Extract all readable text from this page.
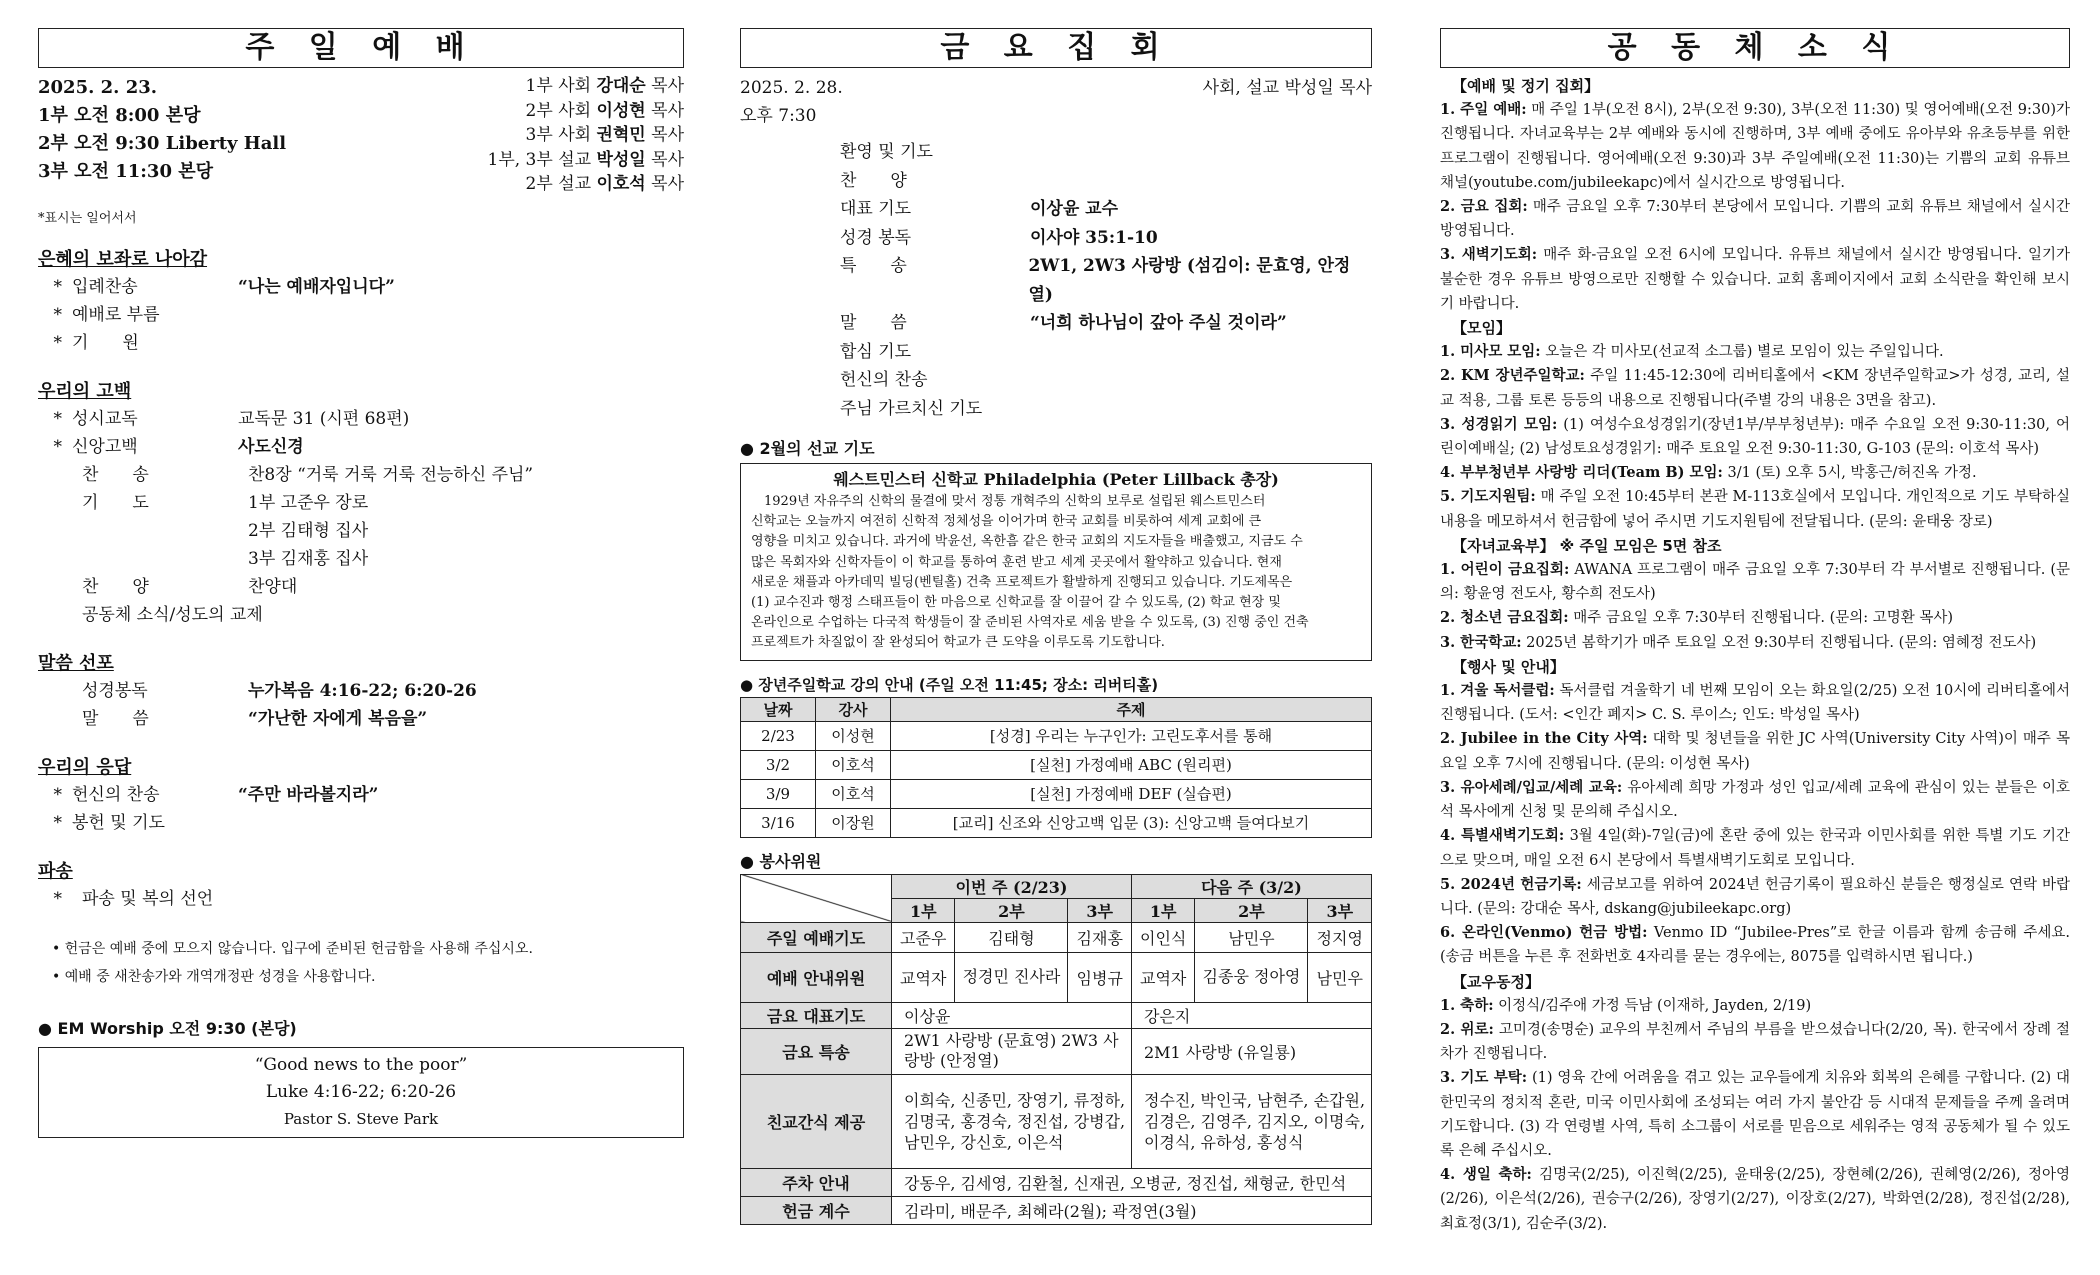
주 일 예 배
2025. 2. 23.
1부 오전 8:00 본당
2부 오전 9:30 Liberty Hall
3부 오전 11:30 본당
1부 사회 강대순 목사
2부 사회 이성현 목사
3부 사회 권혁민 목사
1부, 3부 설교 박성일 목사
2부 설교 이호석 목사
*표시는 일어서서
은혜의 보좌로 나아감
* 입례찬송	“나는 예배자입니다”
* 예배로 부름
* 기　　원
우리의 고백
* 성시교독	교독문 31 (시편 68편)
* 신앙고백	사도신경
찬　　송	찬8장 “거룩 거룩 거룩 전능하신 주님”
기　　도	1부 고준우 장로
2부 김태형 집사
3부 김재홍 집사
찬　　양	찬양대
공동체 소식/성도의 교제
말씀 선포
성경봉독	누가복음 4:16-22; 6:20-26
말　　씀	“가난한 자에게 복음을”
우리의 응답
* 헌신의 찬송	“주만 바라볼지라”
* 봉헌 및 기도
파송
*	파송 및 복의 선언
• 헌금은 예배 중에 모으지 않습니다. 입구에 준비된 헌금함을 사용해 주십시오.
• 예배 중 새찬송가와 개역개정판 성경을 사용합니다.
● EM Worship 오전 9:30 (본당)
“Good news to the poor”
Luke 4:16-22; 6:20-26
Pastor S. Steve Park
금 요 집 회
2025. 2. 28.	사회, 설교 박성일 목사
오후 7:30
환영 및 기도
찬　　양
대표 기도	이상윤 교수
성경 봉독	이사야 35:1-10
특　　송	2W1, 2W3 사랑방 (섬김이: 문효영, 안정열)
말　　씀	“너희 하나님이 갚아 주실 것이라”
합심 기도
헌신의 찬송
주님 가르치신 기도
● 2월의 선교 기도
웨스트민스터 신학교 Philadelphia (Peter Lillback 총장)
　1929년 자유주의 신학의 물결에 맞서 정통 개혁주의 신학의 보루로 설립된 웨스트민스터
신학교는 오늘까지 여전히 신학적 정체성을 이어가며 한국 교회를 비롯하여 세계 교회에 큰
영향을 미치고 있습니다. 과거에 박윤선, 옥한흠 같은 한국 교회의 지도자들을 배출했고, 지금도 수
많은 목회자와 신학자들이 이 학교를 통하여 훈련 받고 세계 곳곳에서 활약하고 있습니다. 현재
새로운 채플과 아카데믹 빌딩(벤틸홀) 건축 프로젝트가 활발하게 진행되고 있습니다. 기도제목은
(1) 교수진과 행정 스태프들이 한 마음으로 신학교를 잘 이끌어 갈 수 있도록, (2) 학교 현장 및
온라인으로 수업하는 다국적 학생들이 잘 준비된 사역자로 세움 받을 수 있도록, (3) 진행 중인 건축
프로젝트가 차질없이 잘 완성되어 학교가 큰 도약을 이루도록 기도합니다.
● 장년주일학교 강의 안내 (주일 오전 11:45; 장소: 리버티홀)
날짜	강사	주제
2/23	이성현	[성경] 우리는 누구인가: 고린도후서를 통해
3/2	이호석	[실천] 가정예배 ABC (원리편)
3/9	이호석	[실천] 가정예배 DEF (실습편)
3/16	이장원	[교리] 신조와 신앙고백 입문 (3): 신앙고백 들여다보기
● 봉사위원
	이번 주 (2/23)			다음 주 (3/2)		
	1부	2부	3부	1부	2부	3부
주일 예배기도	고준우	김태형	김재홍	이인식	남민우	정지영
예배 안내위원	교역자	정경민 진사라	임병규	교역자	김종웅 정아영	남민우
금요 대표기도	이상윤			강은지		
금요 특송	2W1 사랑방 (문효영) 2W3 사랑방 (안정열)			2M1 사랑방 (유일룡)		
친교간식 제공	이희숙, 신종민, 장영기, 류정하, 김명국, 홍경숙, 정진섭, 강병갑, 남민우, 강신호, 이은석			정수진, 박인국, 남현주, 손갑원, 김경은, 김영주, 김지오, 이명숙, 이경식, 유하성, 홍성식		
주차 안내	강동우, 김세영, 김환철, 신재권, 오병균, 정진섭, 채형균, 한민석					
헌금 계수	김라미, 배문주, 최혜라(2월); 곽정연(3월)					
공 동 체 소 식

【예배 및 정기 집회】

1. 주일 예배: 매 주일 1부(오전 8시), 2부(오전 9:30), 3부(오전 11:30) 및 영어예배(오전 9:30)가 진행됩니다. 자녀교육부는 2부 예배와 동시에 진행하며, 3부 예배 중에도 유아부와 유초등부를 위한 프로그램이 진행됩니다. 영어예배(오전 9:30)과 3부 주일예배(오전 11:30)는 기쁨의 교회 유튜브 채널(youtube.com/jubileekapc)에서 실시간으로 방영됩니다.

2. 금요 집회: 매주 금요일 오후 7:30부터 본당에서 모입니다. 기쁨의 교회 유튜브 채널에서 실시간 방영됩니다.

3. 새벽기도회: 매주 화-금요일 오전 6시에 모입니다. 유튜브 채널에서 실시간 방영됩니다. 일기가 불순한 경우 유튜브 방영으로만 진행할 수 있습니다. 교회 홈페이지에서 교회 소식란을 확인해 보시기 바랍니다.

【모임】

1. 미사모 모임: 오늘은 각 미사모(선교적 소그룹) 별로 모임이 있는 주일입니다.

2. KM 장년주일학교: 주일 11:45-12:30에 리버티홀에서 <KM 장년주일학교>가 성경, 교리, 설교 적용, 그룹 토론 등등의 내용으로 진행됩니다(주별 강의 내용은 3면을 참고).

3. 성경읽기 모임: (1) 여성수요성경읽기(장년1부/부부청년부): 매주 수요일 오전 9:30-11:30, 어린이예배실; (2) 남성토요성경읽기: 매주 토요일 오전 9:30-11:30, G-103 (문의: 이호석 목사)

4. 부부청년부 사랑방 리더(Team B) 모임: 3/1 (토) 오후 5시, 박홍근/허진옥 가정.

5. 기도지원팀: 매 주일 오전 10:45부터 본관 M-113호실에서 모입니다. 개인적으로 기도 부탁하실 내용을 메모하셔서 헌금함에 넣어 주시면 기도지원팀에 전달됩니다. (문의: 윤태웅 장로)

【자녀교육부】 ※ 주일 모임은 5면 참조

1. 어린이 금요집회: AWANA 프로그램이 매주 금요일 오후 7:30부터 각 부서별로 진행됩니다. (문의: 황윤영 전도사, 황수희 전도사)

2. 청소년 금요집회: 매주 금요일 오후 7:30부터 진행됩니다. (문의: 고명환 목사)

3. 한국학교: 2025년 봄학기가 매주 토요일 오전 9:30부터 진행됩니다. (문의: 염혜정 전도사)

【행사 및 안내】

1. 겨울 독서클럽: 독서클럽 겨울학기 네 번째 모임이 오는 화요일(2/25) 오전 10시에 리버티홀에서 진행됩니다. (도서: <인간 폐지> C. S. 루이스; 인도: 박성일 목사)

2. Jubilee in the City 사역: 대학 및 청년들을 위한 JC 사역(University City 사역)이 매주 목요일 오후 7시에 진행됩니다. (문의: 이성현 목사)

3. 유아세례/입교/세례 교육: 유아세례 희망 가정과 성인 입교/세례 교육에 관심이 있는 분들은 이호석 목사에게 신청 및 문의해 주십시오.

4. 특별새벽기도회: 3월 4일(화)-7일(금)에 혼란 중에 있는 한국과 이민사회를 위한 특별 기도 기간으로 맞으며, 매일 오전 6시 본당에서 특별새벽기도회로 모입니다.

5. 2024년 헌금기록: 세금보고를 위하여 2024년 헌금기록이 필요하신 분들은 행정실로 연락 바랍니다. (문의: 강대순 목사, dskang@jubileekapc.org)

6. 온라인(Venmo) 헌금 방법: Venmo ID “Jubilee-Pres”로 한글 이름과 함께 송금해 주세요. (송금 버튼을 누른 후 전화번호 4자리를 묻는 경우에는, 8075를 입력하시면 됩니다.)

【교우동정】

1. 축하: 이정식/김주애 가정 득남 (이재하, Jayden, 2/19)

2. 위로: 고미경(송명순) 교우의 부친께서 주님의 부름을 받으셨습니다(2/20, 목). 한국에서 장례 절차가 진행됩니다.

3. 기도 부탁: (1) 영육 간에 어려움을 겪고 있는 교우들에게 치유와 회복의 은혜를 구합니다. (2) 대한민국의 정치적 혼란, 미국 이민사회에 조성되는 여러 가지 불안감 등 시대적 문제들을 주께 올려며 기도합니다. (3) 각 연령별 사역, 특히 소그룹이 서로를 믿음으로 세워주는 영적 공동체가 될 수 있도록 은혜 주십시오.

4. 생일 축하: 김명국(2/25), 이진혁(2/25), 윤태웅(2/25), 장현혜(2/26), 권혜영(2/26), 정아영(2/26), 이은석(2/26), 권승구(2/26), 장영기(2/27), 이장호(2/27), 박화연(2/28), 정진섭(2/28), 최효정(3/1), 김순주(3/2).
